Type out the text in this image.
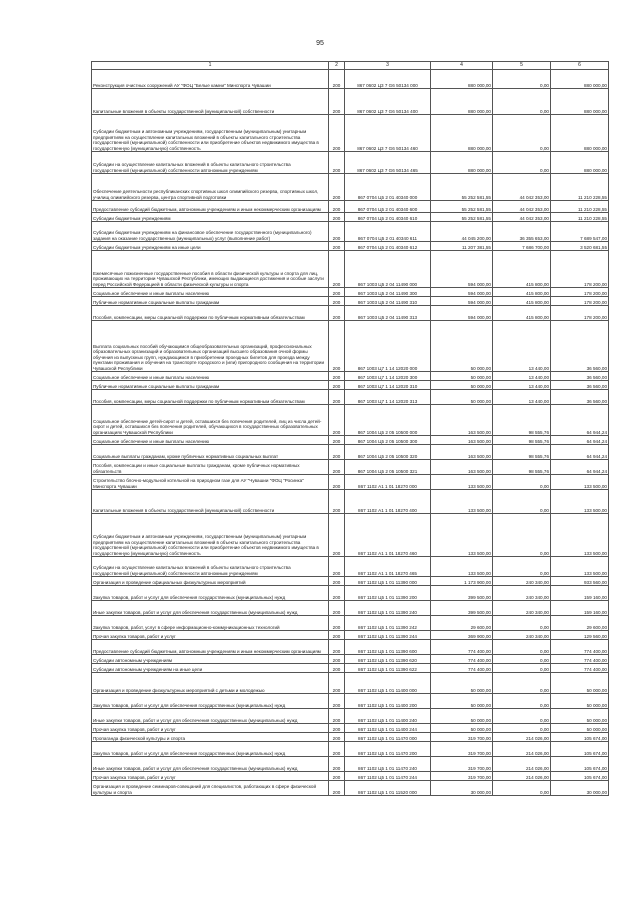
95
1	2	3	4	5	6
Реконструкция очистных сооружений АУ "ФОЦ "Белые камни" Минспорта Чувашии	200	867 0602 Ц3 7 G6 50134 000	880 000,00	0,00	880 000,00
Капитальные вложения в объекты государственной (муниципальной) собственности	200	867 0602 Ц3 7 G6 50134 400	880 000,00	0,00	880 000,00
Субсидии бюджетным и автономным учреждениям, государственным (муниципальным) унитарным предприятиям на осуществление капитальных вложений в объекты капитального строительства государственной (муниципальной) собственности или приобретение объектов недвижимого имущества в государственную (муниципальную) собственность	200	867 0602 Ц3 7 G6 50134 460	880 000,00	0,00	880 000,00
Субсидии на осуществление капитальных вложений в объекты капитального строительства государственной (муниципальной) собственности автономным учреждениям	200	867 0602 Ц3 7 G6 50134 465	880 000,00	0,00	880 000,00
Обеспечение деятельности республиканских спортивных школ олимпийского резерва, спортивных школ, училищ олимпийского резерва, центра спортивной подготовки	200	867 0704 Ц5 2 01 40340 000	55 252 581,55	44 042 353,00	11 210 228,55
Предоставление субсидий бюджетным, автономным учреждениям и иным некоммерческим организациям	200	867 0704 Ц5 2 01 40340 600	55 252 581,55	44 042 353,00	11 210 228,55
Субсидии бюджетным учреждениям	200	867 0704 Ц5 2 01 40340 610	55 252 581,55	44 042 353,00	11 210 228,55
Субсидии бюджетным учреждениям на финансовое обеспечение государственного (муниципального) задания на оказание государственных (муниципальных) услуг (выполнение работ)	200	867 0704 Ц5 2 01 40340 611	44 045 200,00	36 355 653,00	7 689 547,00
Субсидии бюджетным учреждениям на иные цели	200	867 0704 Ц5 2 01 40340 612	11 207 381,55	7 686 700,00	3 520 681,55
Ежемесячные пожизненные государственные пособия в области физической культуры и спорта для лиц, проживающих на территории Чувашской Республики, имеющих выдающиеся достижения и особые заслуги перед Российской Федерацией в области физической культуры и спорта	200	867 1003 Ц5 2 04 11490 000	594 000,00	415 800,00	178 200,00
Социальное обеспечение и иные выплаты населению	200	867 1003 Ц5 2 04 11490 300	594 000,00	415 800,00	178 200,00
Публичные нормативные социальные выплаты гражданам	200	867 1003 Ц5 2 04 11490 310	594 000,00	415 800,00	178 200,00
Пособия, компенсации, меры социальной поддержки по публичным нормативным обязательствам	200	867 1003 Ц5 2 04 11490 313	594 000,00	415 800,00	178 200,00
Выплата социальных пособий обучающимся общеобразовательных организаций, профессиональных образовательных организаций и образовательных организаций высшего образования очной формы обучения из выпускных групп, нуждающимся в приобретении проездных билетов для проезда между пунктами проживания и обучения на транспорте городского и (или) пригородного сообщения на территории Чувашской Республики	200	867 1003 Ц7 1 14 12020 000	50 000,00	13 440,00	36 560,00
Социальное обеспечение и иные выплаты населению	200	867 1003 Ц7 1 14 12020 300	50 000,00	13 440,00	36 560,00
Публичные нормативные социальные выплаты гражданам	200	867 1003 Ц7 1 14 12020 310	50 000,00	13 440,00	36 560,00
Пособия, компенсации, меры социальной поддержки по публичным нормативным обязательствам	200	867 1003 Ц7 1 14 12020 313	50 000,00	13 440,00	36 560,00
Социальное обеспечение детей-сирот и детей, оставшихся без попечения родителей, лиц из числа детей-сирот и детей, оставшихся без попечения родителей, обучающихся в государственных образовательных организациях Чувашской Республики	200	867 1004 Ц5 2 05 10500 000	163 500,00	98 555,76	64 944,24
Социальное обеспечение и иные выплаты населению	200	867 1004 Ц5 2 05 10500 300	163 500,00	98 555,76	64 944,24
Социальные выплаты гражданам, кроме публичных нормативных социальных выплат	200	867 1004 Ц5 2 05 10500 320	163 500,00	98 555,76	64 944,24
Пособия, компенсации и иные социальные выплаты гражданам, кроме публичных нормативных обязательств	200	867 1004 Ц5 2 05 10500 321	163 500,00	98 555,76	64 944,24
Строительство блочно-модульной котельной на природном газе для АУ "Чувашии "ФОЦ "Росинка" Минспорта Чувашии	200	867 1102 А1 1 01 18270 000	133 500,00	0,00	133 500,00
Капитальные вложения в объекты государственной (муниципальной) собственности	200	867 1102 А1 1 01 18270 400	133 500,00	0,00	133 500,00
Субсидии бюджетным и автономным учреждениям, государственным (муниципальным) унитарным предприятиям на осуществление капитальных вложений в объекты капитального строительства государственной (муниципальной) собственности или приобретение объектов недвижимого имущества в государственную (муниципальную) собственность	200	867 1102 А1 1 01 18270 460	133 500,00	0,00	133 500,00
Субсидии на осуществление капитальных вложений в объекты капитального строительства государственной (муниципальной) собственности автономным учреждениям	200	867 1102 А1 1 01 18270 465	133 500,00	0,00	133 500,00
Организация и проведение официальных физкультурных мероприятий	200	867 1102 Ц5 1 01 11390 000	1 173 900,00	240 340,00	933 560,00
Закупка товаров, работ и услуг для обеспечения государственных (муниципальных) нужд	200	867 1102 Ц5 1 01 11390 200	399 500,00	240 340,00	159 160,00
Иные закупки товаров, работ и услуг для обеспечения государственных (муниципальных) нужд	200	867 1102 Ц5 1 01 11390 240	399 500,00	240 340,00	159 160,00
Закупка товаров, работ, услуг в сфере информационно-коммуникационных технологий	200	867 1102 Ц5 1 01 11390 242	29 600,00	0,00	29 600,00
Прочая закупка товаров, работ и услуг	200	867 1102 Ц5 1 01 11390 244	369 900,00	240 340,00	129 560,00
Предоставление субсидий бюджетным, автономным учреждениям и иным некоммерческим организациям	200	867 1102 Ц5 1 01 11390 600	774 400,00	0,00	774 400,00
Субсидии автономным учреждениям	200	867 1102 Ц5 1 01 11390 620	774 400,00	0,00	774 400,00
Субсидии автономным учреждениям на иные цели	200	867 1102 Ц5 1 01 11390 622	774 400,00	0,00	774 400,00
Организация и проведение физкультурных мероприятий с детьми и молодежью	200	867 1102 Ц5 1 01 11400 000	50 000,00	0,00	50 000,00
Закупка товаров, работ и услуг для обеспечения государственных (муниципальных) нужд	200	867 1102 Ц5 1 01 11400 200	50 000,00	0,00	50 000,00
Иные закупки товаров, работ и услуг для обеспечения государственных (муниципальных) нужд	200	867 1102 Ц5 1 01 11400 240	50 000,00	0,00	50 000,00
Прочая закупка товаров, работ и услуг	200	867 1102 Ц5 1 01 11400 244	50 000,00	0,00	50 000,00
Пропаганда физической культуры и спорта	200	867 1102 Ц5 1 01 11470 000	319 700,00	214 026,00	105 674,00
Закупка товаров, работ и услуг для обеспечения государственных (муниципальных) нужд	200	867 1102 Ц5 1 01 11470 200	319 700,00	214 026,00	105 674,00
Иные закупки товаров, работ и услуг для обеспечения государственных (муниципальных) нужд	200	867 1102 Ц5 1 01 11470 240	319 700,00	214 026,00	105 674,00
Прочая закупка товаров, работ и услуг	200	867 1102 Ц5 1 01 11470 244	319 700,00	214 026,00	105 674,00
Организация и проведение семинаров-совещаний для специалистов, работающих в сфере физической культуры и спорта	200	867 1102 Ц5 1 01 11520 000	30 000,00	0,00	30 000,00
